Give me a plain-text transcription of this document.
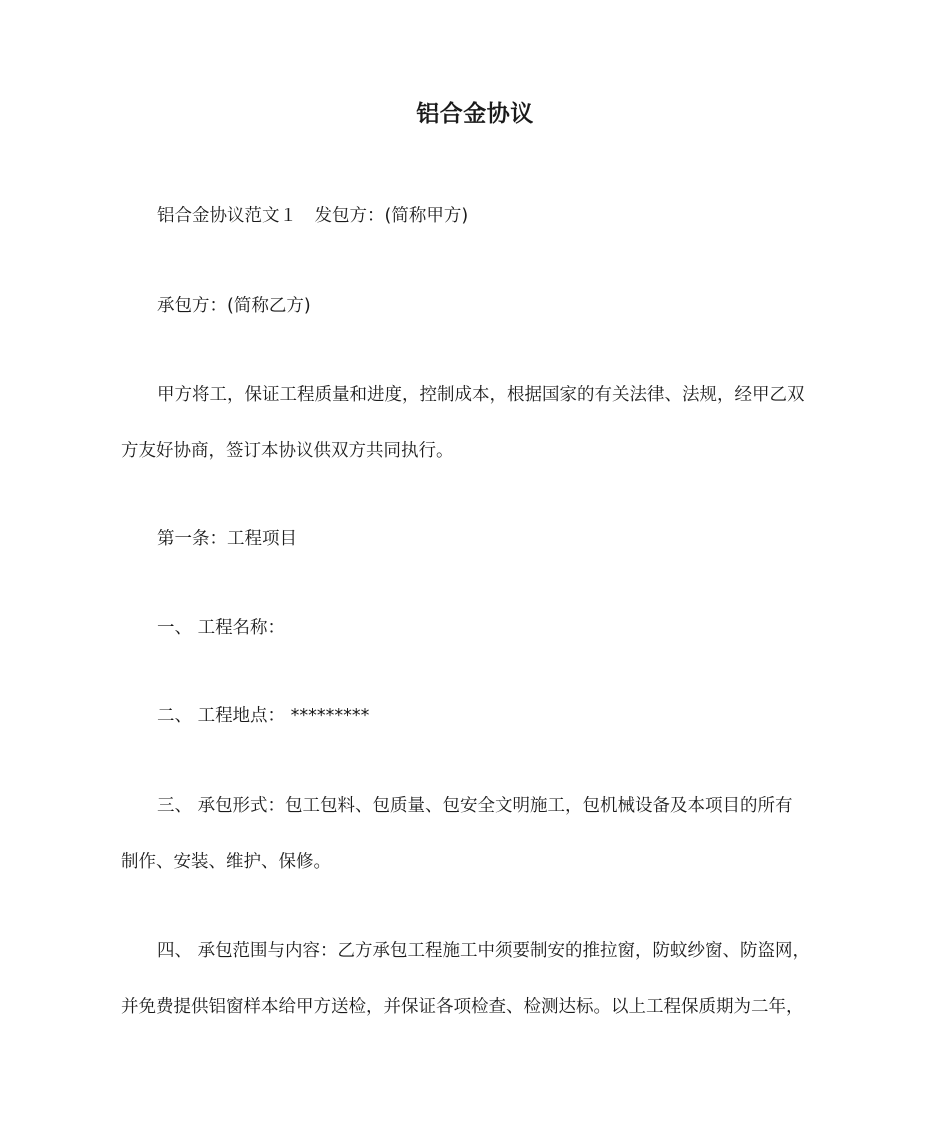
铝合金协议

铝合金协议范文１　发包方：(简称甲方)

承包方：(简称乙方)

甲方将工，保证工程质量和进度，控制成本，根据国家的有关法律、法规，经甲乙双
方友好协商，签订本协议供双方共同执行。

第一条：工程项目

一、 工程名称：

二、 工程地点： *********

三、 承包形式：包工包料、包质量、包安全文明施工，包机械设备及本项目的所有
制作、安装、维护、保修。

四、 承包范围与内容：乙方承包工程施工中须要制安的推拉窗，防蚊纱窗、防盗网，
并免费提供铝窗样本给甲方送检，并保证各项检查、检测达标。以上工程保质期为二年，
